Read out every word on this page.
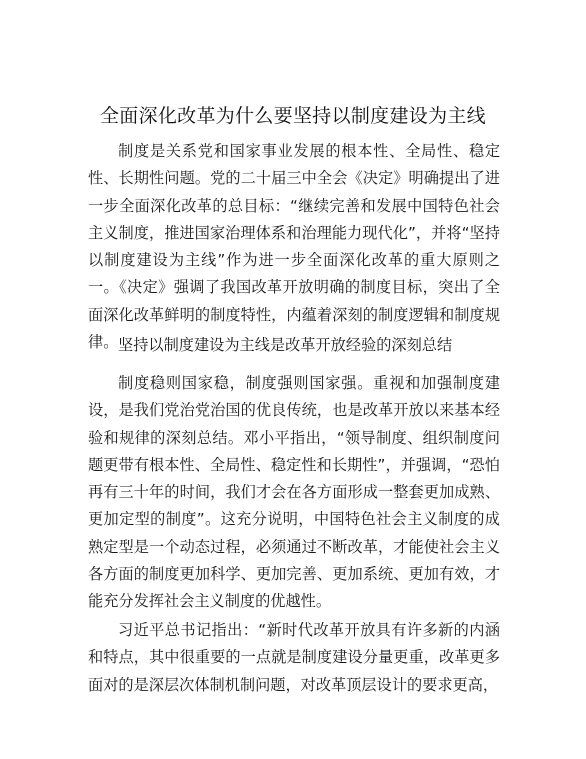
全面深化改革为什么要坚持以制度建设为主线

制度是关系党和国家事业发展的根本性、全局性、稳定性、长期性问题。党的二十届三中全会《决定》明确提出了进一步全面深化改革的总目标：“继续完善和发展中国特色社会主义制度，推进国家治理体系和治理能力现代化”，并将“坚持以制度建设为主线”作为进一步全面深化改革的重大原则之一。《决定》强调了我国改革开放明确的制度目标，突出了全面深化改革鲜明的制度特性，内蕴着深刻的制度逻辑和制度规律。 坚持以制度建设为主线是改革开放经验的深刻总结

制度稳则国家稳，制度强则国家强。重视和加强制度建设，是我们党治党治国的优良传统，也是改革开放以来基本经验和规律的深刻总结。邓小平指出，“领导制度、组织制度问题更带有根本性、全局性、稳定性和长期性”，并强调，“恐怕再有三十年的时间，我们才会在各方面形成一整套更加成熟、更加定型的制度”。这充分说明，中国特色社会主义制度的成熟定型是一个动态过程，必须通过不断改革，才能使社会主义各方面的制度更加科学、更加完善、更加系统、更加有效，才能充分发挥社会主义制度的优越性。

习近平总书记指出：“新时代改革开放具有许多新的内涵和特点，其中很重要的一点就是制度建设分量更重，改革更多面对的是深层次体制机制问题，对改革顶层设计的要求更高，
